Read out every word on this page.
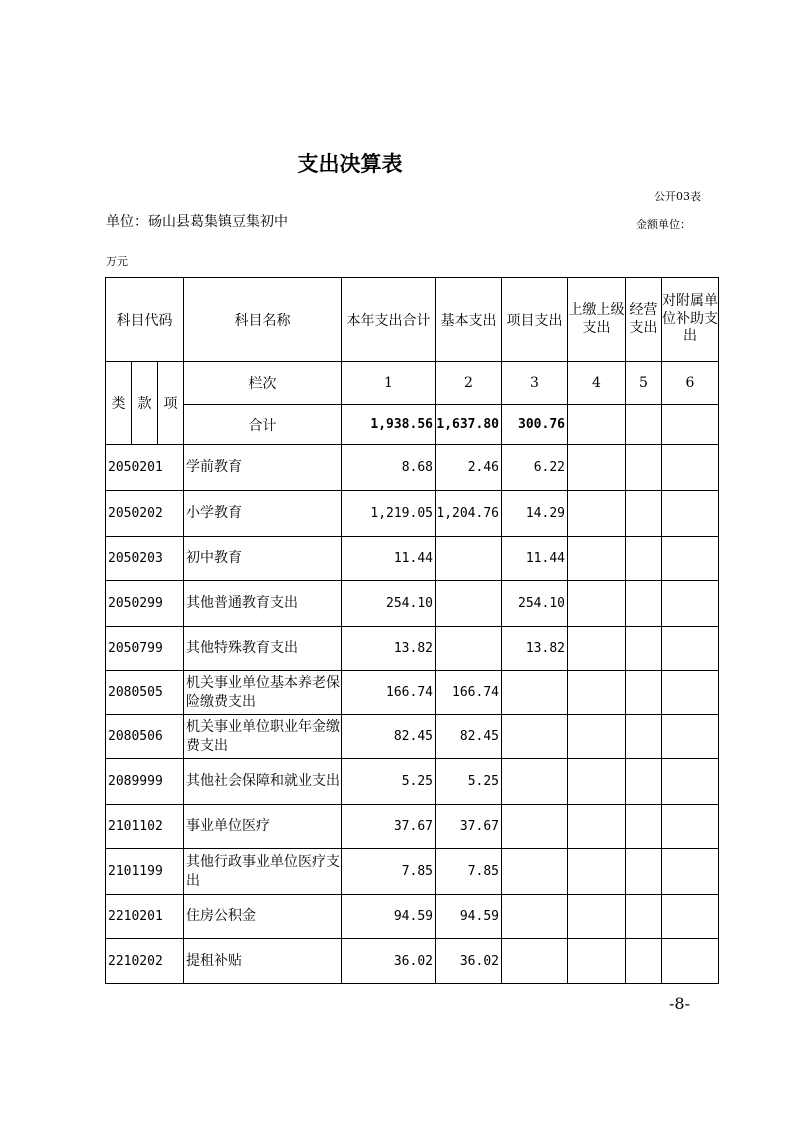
支出决算表
公开03表
单位：砀山县葛集镇豆集初中	金额单位：
万元
科目代码			科目名称	本年支出合计	基本支出	项目支出	上缴上级支出	经营支出	对附属单位补助支出
类	款	项	栏次	1	2	3	4	5	6
			合计	1,938.56	1,637.80	300.76			
2050201			学前教育	8.68	2.46	6.22			
2050202			小学教育	1,219.05	1,204.76	14.29			
2050203			初中教育	11.44		11.44			
2050299			其他普通教育支出	254.10		254.10			
2050799			其他特殊教育支出	13.82		13.82			
2080505			机关事业单位基本养老保险缴费支出	166.74	166.74				
2080506			机关事业单位职业年金缴费支出	82.45	82.45				
2089999			其他社会保障和就业支出	5.25	5.25				
2101102			事业单位医疗	37.67	37.67				
2101199			其他行政事业单位医疗支出	7.85	7.85				
2210201			住房公积金	94.59	94.59				
2210202			提租补贴	36.02	36.02				
-8-
